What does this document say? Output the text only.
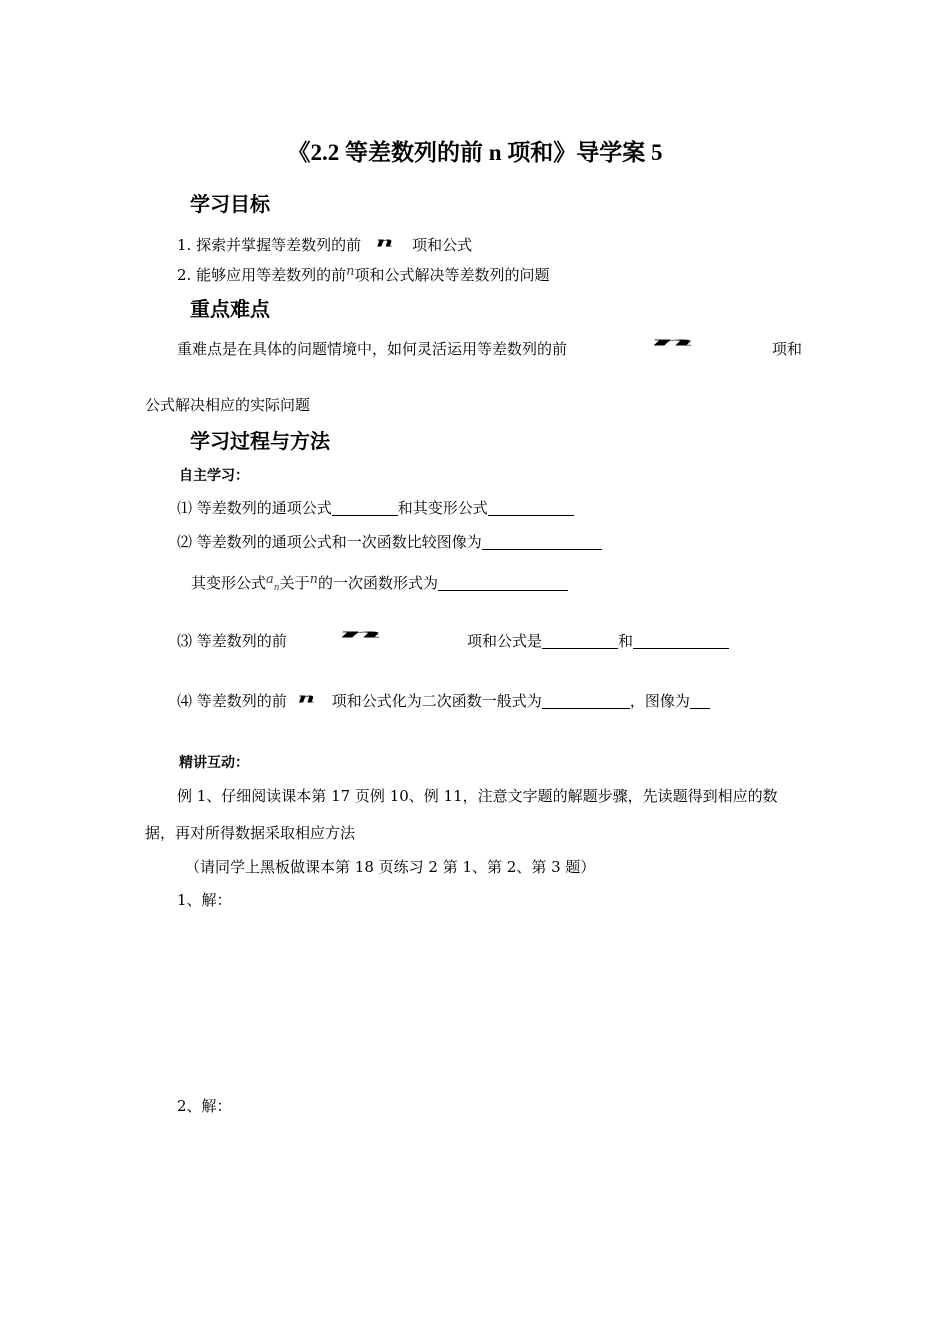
《2.2 等差数列的前 n 项和》导学案 5
学习目标
1. 探索并掌握等差数列的前 n 项和公式
2. 能够应用等差数列的前n项和公式解决等差数列的问题
重点难点
重难点是在具体的问题情境中，如何灵活运用等差数列的前	n	项和
公式解决相应的实际问题
学习过程与方法
自主学习：
⑴ 等差数列的通项公式	和其变形公式
⑵ 等差数列的通项公式和一次函数比较图像为
其变形公式$a_n$关于n的一次函数形式为
⑶ 等差数列的前 n	项和公式是	和
⑷ 等差数列的前 n 项和公式化为二次函数一般式为	，图像为
精讲互动：
例 1、仔细阅读课本第 17 页例 10、例 11，注意文字题的解题步骤，先读题得到相应的数
据，再对所得数据采取相应方法
（请同学上黑板做课本第 18 页练习 2 第 1、第 2、第 3 题）
1、解：
2、解：
